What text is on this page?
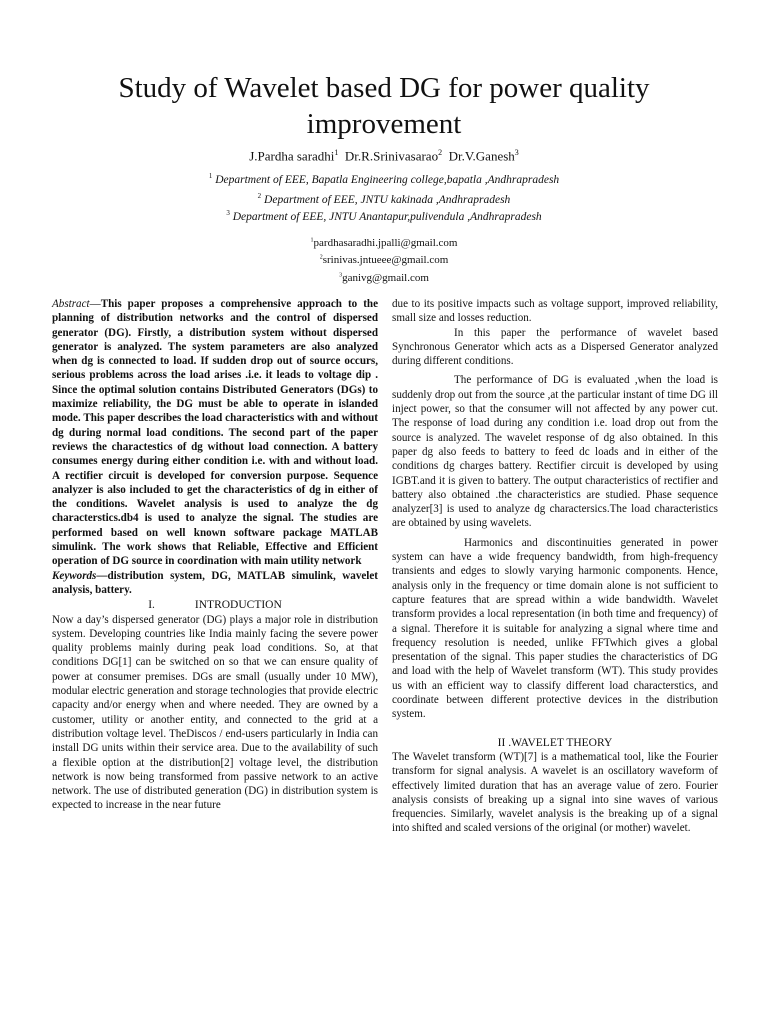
Study of Wavelet based DG for power quality improvement
J.Pardha saradhi$^1$ Dr.R.Srinivasarao$^2$ Dr.V.Ganesh$^3$
$^1$ Department of EEE, Bapatla Engineering college,bapatla ,Andhrapradesh
$^2$ Department of EEE, JNTU kakinada ,Andhrapradesh
$^3$ Department of EEE, JNTU Anantapur,pulivendula ,Andhrapradesh
$^1$pardhasaradhi.jpalli@gmail.com
$^2$srinivas.jntueee@gmail.com
$^3$ganivg@gmail.com

Abstract—This paper proposes a comprehensive approach to the planning of distribution networks and the control of dispersed generator (DG). Firstly, a distribution system without dispersed generator is analyzed. The system parameters are also analyzed when dg is connected to load. If sudden drop out of source occurs, serious problems across the load arises .i.e. it leads to voltage dip . Since the optimal solution contains Distributed Generators (DGs) to maximize reliability, the DG must be able to operate in islanded mode. This paper describes the load characteristics with and without dg during normal load conditions. The second part of the paper reviews the charactestics of dg without load connection. A battery consumes energy during either condition i.e. with and without load. A rectifier circuit is developed for conversion purpose. Sequence analyzer is also included to get the characteristics of dg in either of the conditions. Wavelet analysis is used to analyze the dg characterstics.db4 is used to analyze the signal. The studies are performed based on well known software package MATLAB simulink. The work shows that Reliable, Effective and Efficient operation of DG source in coordination with main utility network

Keywords—distribution system, DG, MATLAB simulink, wavelet analysis, battery.

I.	INTRODUCTION

Now a day’s dispersed generator (DG) plays a major role in distribution system. Developing countries like India mainly facing the severe power quality problems mainly during peak load conditions. So, at that conditions DG[1] can be switched on so that we can ensure quality of power at consumer premises. DGs are small (usually under 10 MW), modular electric generation and storage technologies that provide electric capacity and/or energy when and where needed. They are owned by a customer, utility or another entity, and connected to the grid at a distribution voltage level. TheDiscos / end-users particularly in India can install DG units within their service area. Due to the availability of such a flexible option at the distribution[2] voltage level, the distribution network is now being transformed from passive network to an active network. The use of distributed generation (DG) in distribution system is expected to increase in the near future

due to its positive impacts such as voltage support, improved reliability, small size and losses reduction.

In this paper the performance of wavelet based Synchronous Generator which acts as a Dispersed Generator analyzed during different conditions.

The performance of DG is evaluated ,when the load is suddenly drop out from the source ,at the particular instant of time DG ill inject power, so that the consumer will not affected by any power cut. The response of load during any condition i.e. load drop out from the source is analyzed. The wavelet response of dg also obtained. In this paper dg also feeds to battery to feed dc loads and in either of the conditions dg charges battery. Rectifier circuit is developed by using IGBT.and it is given to battery. The output characteristics of rectifier and battery also obtained .the characteristics are studied. Phase sequence analyzer[3] is used to analyze dg charactersics.The load characteristics are obtained by using wavelets.

Harmonics and discontinuities generated in power system can have a wide frequency bandwidth, from high-frequency transients and edges to slowly varying harmonic components. Hence, analysis only in the frequency or time domain alone is not sufficient to capture features that are spread within a wide bandwidth. Wavelet transform provides a local representation (in both time and frequency) of a signal. Therefore it is suitable for analyzing a signal where time and frequency resolution is needed, unlike FFTwhich gives a global presentation of the signal. This paper studies the characteristics of DG and load with the help of Wavelet transform (WT). This study provides us with an efficient way to classify different load characterstics, and coordinate between different protective devices in the distribution system.

II .WAVELET THEORY

The Wavelet transform (WT)[7] is a mathematical tool, like the Fourier transform for signal analysis. A wavelet is an oscillatory waveform of effectively limited duration that has an average value of zero. Fourier analysis consists of breaking up a signal into sine waves of various frequencies. Similarly, wavelet analysis is the breaking up of a signal into shifted and scaled versions of the original (or mother) wavelet.
